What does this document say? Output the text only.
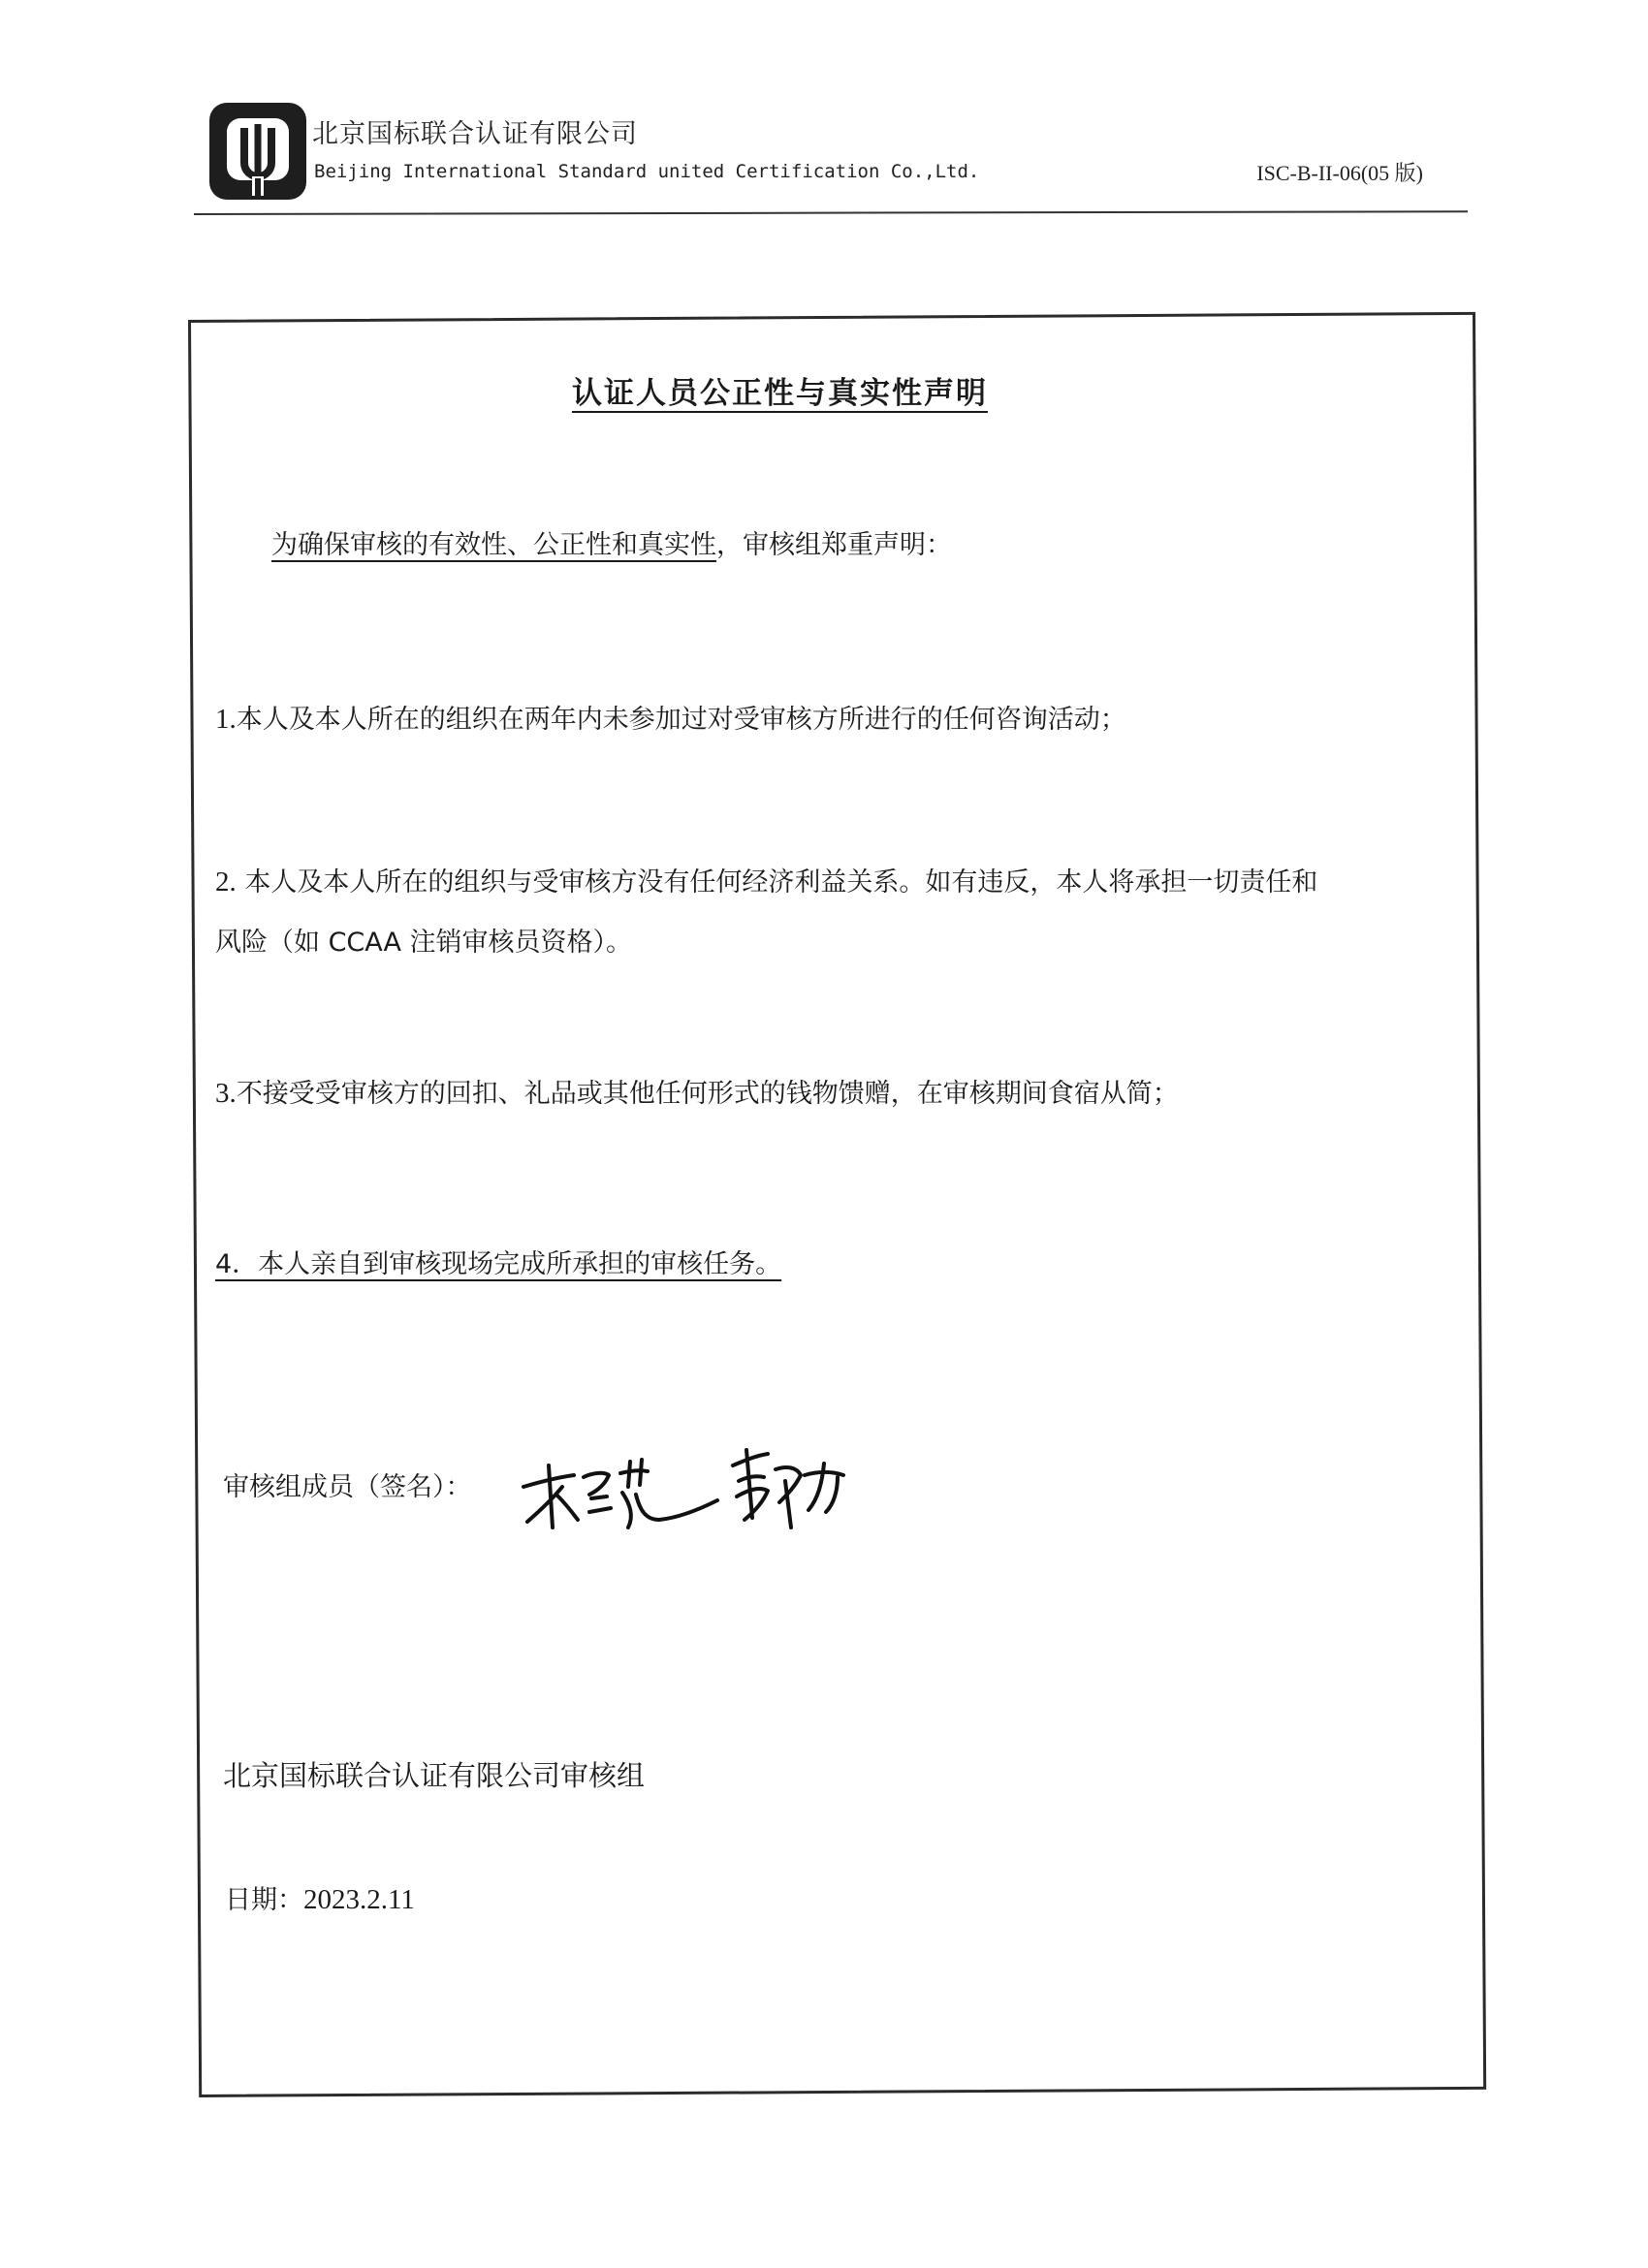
北京国标联合认证有限公司
Beijing International Standard united Certification Co.,Ltd.	ISC-B-II-06(05 版)
认证人员公正性与真实性声明
为确保审核的有效性、公正性和真实性，审核组郑重声明：
1.本人及本人所在的组织在两年内未参加过对受审核方所进行的任何咨询活动；
2. 本人及本人所在的组织与受审核方没有任何经济利益关系。如有违反，本人将承担一切责任和
风险（如 CCAA 注销审核员资格）。
3.不接受受审核方的回扣、礼品或其他任何形式的钱物馈赠，在审核期间食宿从简；
4．本人亲自到审核现场完成所承担的审核任务。
审核组成员（签名）：
北京国标联合认证有限公司审核组
日期：2023.2.11
